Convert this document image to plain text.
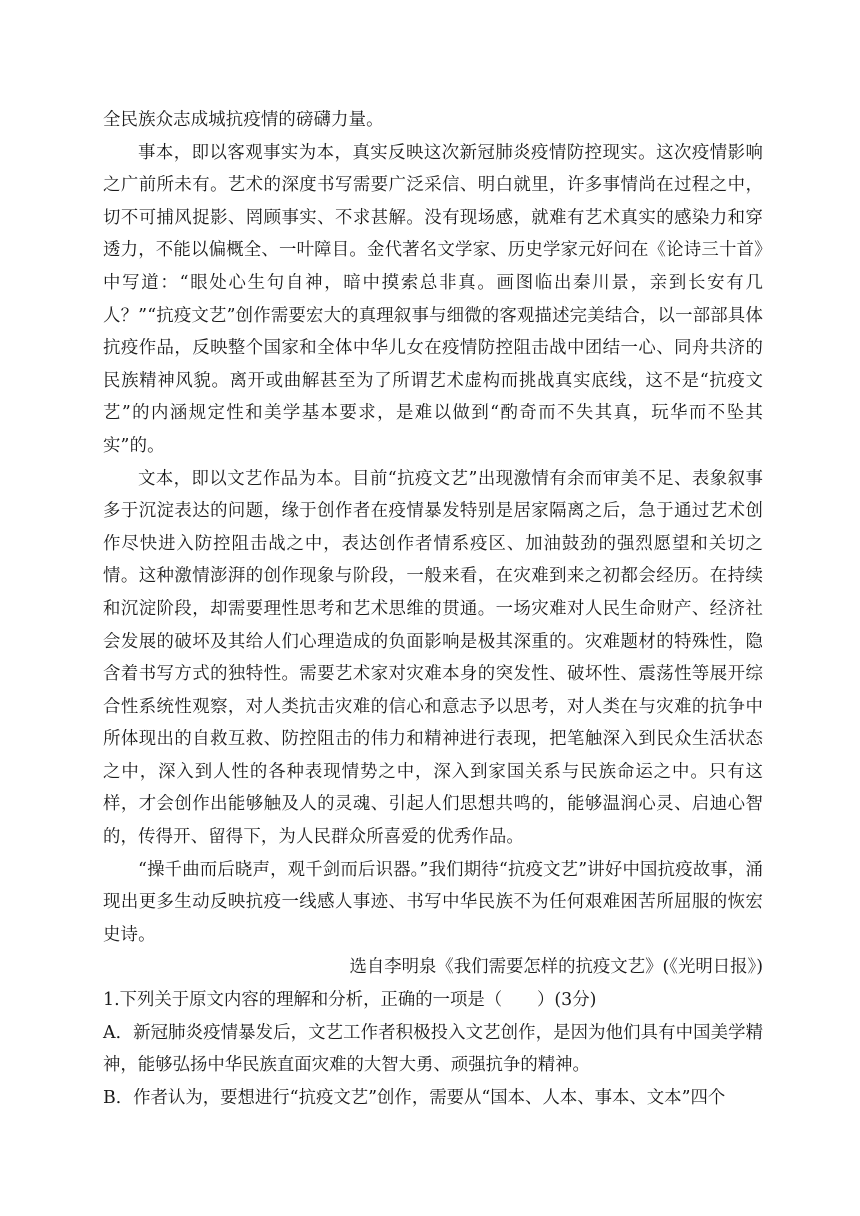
全民族众志成城抗疫情的磅礴力量。

事本，即以客观事实为本，真实反映这次新冠肺炎疫情防控现实。这次疫情影响之广前所未有。艺术的深度书写需要广泛采信、明白就里，许多事情尚在过程之中，切不可捕风捉影、罔顾事实、不求甚解。没有现场感，就难有艺术真实的感染力和穿透力，不能以偏概全、一叶障目。金代著名文学家、历史学家元好问在《论诗三十首》中写道：“眼处心生句自神，暗中摸索总非真。画图临出秦川景，亲到长安有几人？”“抗疫文艺”创作需要宏大的真理叙事与细微的客观描述完美结合，以一部部具体抗疫作品，反映整个国家和全体中华儿女在疫情防控阻击战中团结一心、同舟共济的民族精神风貌。离开或曲解甚至为了所谓艺术虚构而挑战真实底线，这不是“抗疫文艺”的内涵规定性和美学基本要求，是难以做到“酌奇而不失其真，玩华而不坠其实”的。

文本，即以文艺作品为本。目前“抗疫文艺”出现激情有余而审美不足、表象叙事多于沉淀表达的问题，缘于创作者在疫情暴发特别是居家隔离之后，急于通过艺术创作尽快进入防控阻击战之中，表达创作者情系疫区、加油鼓劲的强烈愿望和关切之情。这种激情澎湃的创作现象与阶段，一般来看，在灾难到来之初都会经历。在持续和沉淀阶段，却需要理性思考和艺术思维的贯通。一场灾难对人民生命财产、经济社会发展的破坏及其给人们心理造成的负面影响是极其深重的。灾难题材的特殊性，隐含着书写方式的独特性。需要艺术家对灾难本身的突发性、破坏性、震荡性等展开综合性系统性观察，对人类抗击灾难的信心和意志予以思考，对人类在与灾难的抗争中所体现出的自救互救、防控阻击的伟力和精神进行表现，把笔触深入到民众生活状态之中，深入到人性的各种表现情势之中，深入到家国关系与民族命运之中。只有这样，才会创作出能够触及人的灵魂、引起人们思想共鸣的，能够温润心灵、启迪心智的，传得开、留得下，为人民群众所喜爱的优秀作品。

“操千曲而后晓声，观千剑而后识器。”我们期待“抗疫文艺”讲好中国抗疫故事，涌现出更多生动反映抗疫一线感人事迹、书写中华民族不为任何艰难困苦所屈服的恢宏史诗。

选自李明泉《我们需要怎样的抗疫文艺》(《光明日报》)

1.下列关于原文内容的理解和分析，正确的一项是（　　）(3分)

A．新冠肺炎疫情暴发后，文艺工作者积极投入文艺创作，是因为他们具有中国美学精神，能够弘扬中华民族直面灾难的大智大勇、顽强抗争的精神。

B．作者认为，要想进行“抗疫文艺”创作，需要从“国本、人本、事本、文本”四个
